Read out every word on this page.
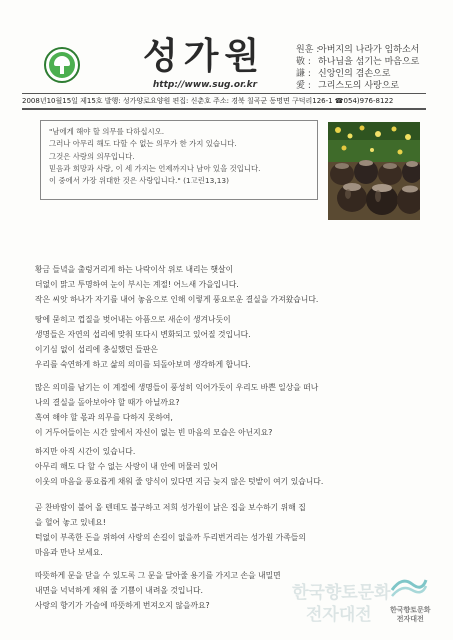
성가원
http://www.sug.or.kr
원훈 :
아버지의 나라가 임하소서
敬 : 하나님을 섬기는 마음으로
謙 : 신앙인의 겸손으로
愛 : 그리스도의 사랑으로
2008년10월15일 제15호 발행: 성가양로요양원 편집: 신춘호 주소: 경북 칠곡군 동명면 구덕리126-1 ☎054)976-8122
"남에게 해야 할 의무를 다하십시오.
그러나 아무리 해도 다할 수 없는 의무가 한 가지 있습니다.
그것은 사랑의 의무입니다.
믿음과 희망과 사랑, 이 세 가지는 언제까지나 남아 있을 것입니다.
이 중에서 가장 위대한 것은 사랑입니다." (1고린13,13)
황금 들녘을 출렁거리게 하는 나락이삭 위로 내리는 햇살이
더없이 맑고 투명하여 눈이 부시는 계절! 어느새 가을입니다.
작은 씨앗 하나가 자기를 내어 놓음으로 인해 이렇게 풍요로운 결실을 가져왔습니다.
땅에 묻히고 껍질을 벗어내는 아픔으로 새순이 생겨나듯이
생명들은 자연의 섭리에 맞춰 또다시 변화되고 있어질 것입니다.
이기심 없이 섭리에 충실했던 들판은
우리를 숙연하게 하고 삶의 의미를 되돌아보며 생각하게 합니다.
많은 의미를 남기는 이 계절에 생명들이 풍성히 익어가듯이 우리도 바쁜 일상을 떠나
나의 결실을 돌아보아야 할 때가 아닐까요?
혹여 해야 할 몫과 의무를 다하지 못하여,
이 거두어들이는 시간 앞에서 자신이 없는 빈 마음의 모습은 아닌지요?
하지만 아직 시간이 있습니다.
아무리 해도 다 할 수 없는 사랑이 내 안에 머물러 있어
이웃의 마음을 풍요롭게 채워 줄 양식이 있다면 지금 늦지 않은 텃밭이 여기 있습니다.
곧 찬바람이 불어 올 텐데도 불구하고 저희 성가원이 낡은 집을 보수하기 위해 집
을 헐어 놓고 있네요!
턱없이 부족한 돈을 위하여 사랑의 손길이 없을까 두리번거리는 성가원 가족들의
마음과 만나 보세요.
따뜻하게 문을 닫을 수 있도록 그 문을 달아줄 용기를 가지고 손을 내밀면
내면을 넉넉하게 채워 줄 기쁨이 내려올 것입니다.
사랑의 향기가 가슴에 따뜻하게 번져오지 않을까요?
한국향토문화
전자대전	한국향토문화
전자대전
